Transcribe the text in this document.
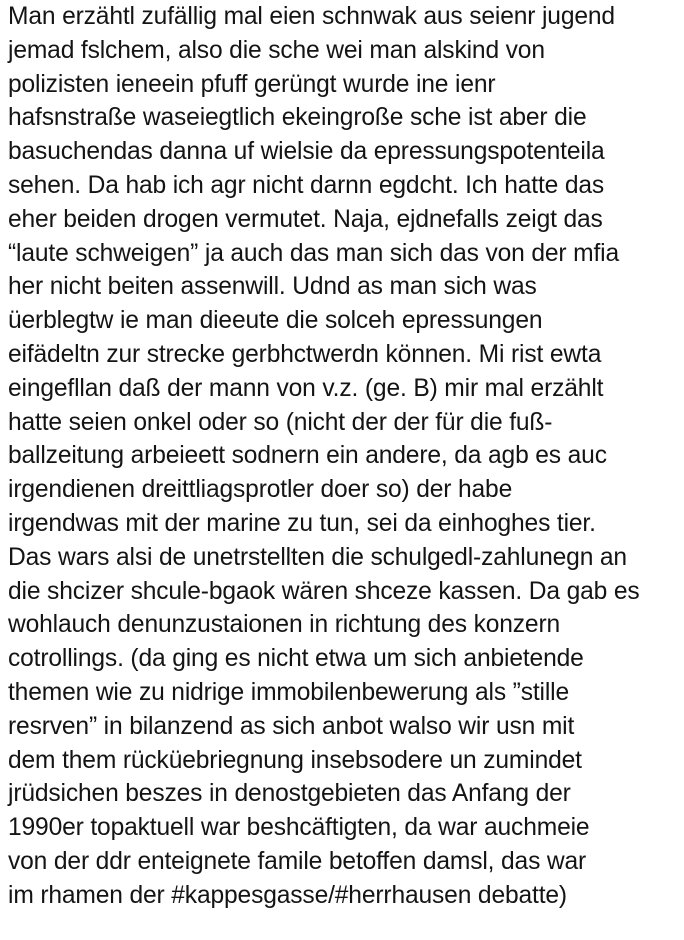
Man erzähtl zufällig mal eien schnwak aus seienr jugend
jemad fslchem, also die sche wei man alskind von
polizisten ieneein pfuff gerüngt wurde ine ienr
hafsnstraße waseiegtlich ekeingroße sche ist aber die
basuchendas danna uf wielsie da epressungspotenteila
sehen. Da hab ich agr nicht darnn egdcht. Ich hatte das
eher beiden drogen vermutet. Naja, ejdnefalls zeigt das
“laute schweigen” ja auch das man sich das von der mfia
her nicht beiten assenwill. Udnd as man sich was
üerblegtw ie man dieeute die solceh epressungen
eifädeltn zur strecke gerbhctwerdn können. Mi rist ewta
eingefllan daß der mann von v.z. (ge. B) mir mal erzählt
hatte seien onkel oder so (nicht der der für die fuß-
ballzeitung arbeieett sodnern ein andere, da agb es auc
irgendienen dreittliagsprotler doer so) der habe
irgendwas mit der marine zu tun, sei da einhoghes tier.
Das wars alsi de unetrstellten die schulgedl-zahlunegn an
die shcizer shcule-bgaok wären shceze kassen. Da gab es
wohlauch denunzustaionen in richtung des konzern
cotrollings. (da ging es nicht etwa um sich anbietende
themen wie zu nidrige immobilenbewerung als ”stille
resrven” in bilanzend as sich anbot walso wir usn mit
dem them rücküebriegnung insebsodere un zumindet
jrüdsichen beszes in denostgebieten das Anfang der
1990er topaktuell war beshcäftigten, da war auchmeie
von der ddr enteignete famile betoffen damsl, das war
im rhamen der #kappesgasse/#herrhausen debatte)
